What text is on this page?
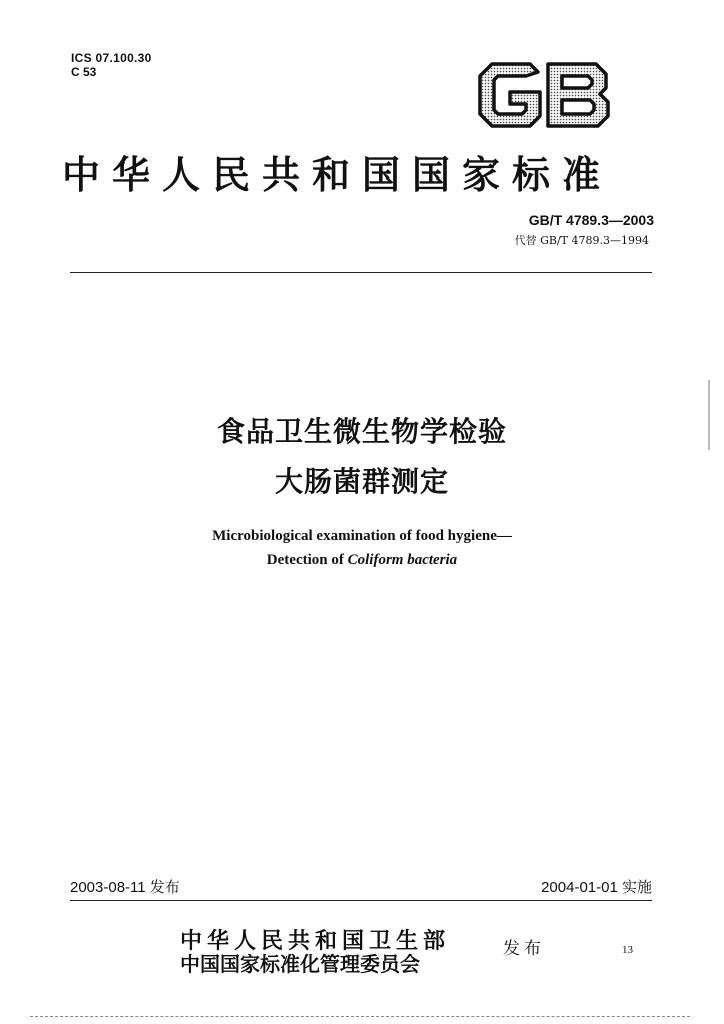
ICS 07.100.30
C 53
中华人民共和国国家标准
GB/T 4789.3—2003
代替 GB/T 4789.3—1994
食品卫生微生物学检验
大肠菌群测定
Microbiological examination of food hygiene—
Detection of Coliform bacteria
2003-08-11 发布	2004-01-01 实施
中华人民共和国卫生部
中国国家标准化管理委员会
发布	13
